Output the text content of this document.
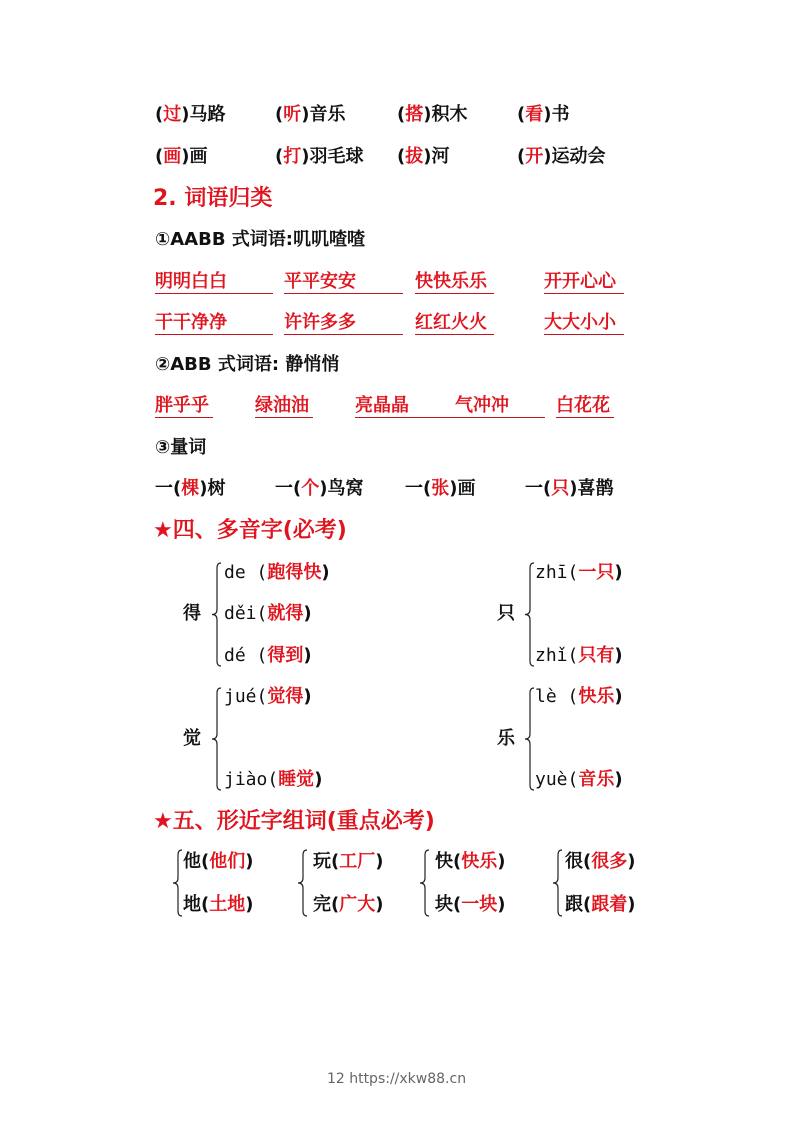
(过)马路	(听)音乐	(搭)积木	(看)书
(画)画	(打)羽毛球 (拔)河	(开)运动会
2. 词语归类
①AABB 式词语:叽叽喳喳
明明白白	平平安安	快快乐乐	开开心心
干干净净	许许多多	红红火火	大大小小
②ABB 式词语: 静悄悄
胖乎乎	绿油油	亮晶晶	气冲冲	白花花
③量词
一(棵)树	一(个)鸟窝 一(张)画	一(只)喜鹊
★四、多音字(必考)
得
de (跑得快)
děi(就得)
dé (得到)
只
zhī(一只)
zhǐ(只有)
觉
jué(觉得)
jiào(睡觉)
乐
lè (快乐)
yuè(音乐)
★五、形近字组词(重点必考)
他(他们)
地(土地)
玩(工厂)
完(广大)
快(快乐)
块(一块)
很(很多)
跟(跟着)
12 https://xkw88.cn
